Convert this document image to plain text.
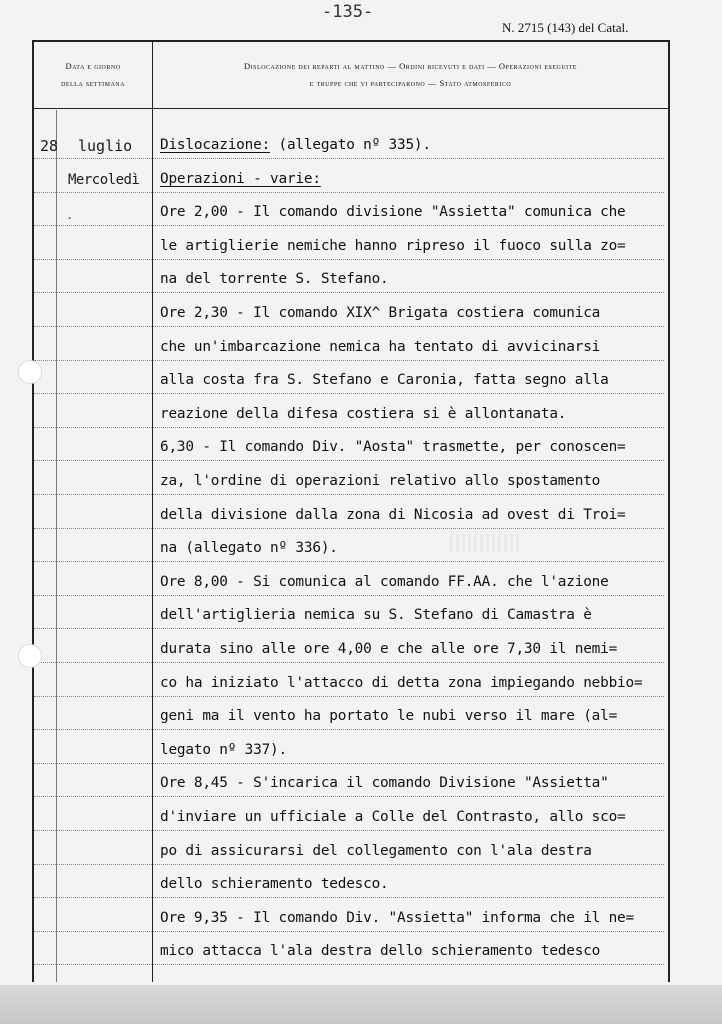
-135-
N. 2715 (143) del Catal.
Data e giorno
della settimana
Dislocazione dei reparti al mattino — Ordini ricevuti e dati — Operazioni eseguite
e truppe che vi parteciparono — Stato atmosferico
28 luglio
Mercoledì
.
Dislocazione: (allegato nº 335).
Operazioni - varie:
Ore 2,00 - Il comando divisione "Assietta" comunica che
le artiglierie nemiche hanno ripreso il fuoco sulla zo=
na del torrente S. Stefano.
Ore 2,30 - Il comando XIX^ Brigata costiera comunica
che un'imbarcazione nemica ha tentato di avvicinarsi
alla costa fra S. Stefano e Caronia, fatta segno alla
reazione della difesa costiera si è allontanata.
6,30 - Il comando Div. "Aosta" trasmette, per conoscen=
za, l'ordine di operazioni relativo allo spostamento
della divisione dalla zona di Nicosia ad ovest di Troi=
na (allegato nº 336).
Ore 8,00 - Si comunica al comando FF.AA. che l'azione
dell'artiglieria nemica su S. Stefano di Camastra è
durata sino alle ore 4,00 e che alle ore 7,30 il nemi=
co ha iniziato l'attacco di detta zona impiegando nebbio=
geni ma il vento ha portato le nubi verso il mare (al=
legato nº 337).
Ore 8,45 - S'incarica il comando Divisione "Assietta"
d'inviare un ufficiale a Colle del Contrasto, allo sco=
po di assicurarsi del collegamento con l'ala destra
dello schieramento tedesco.
Ore 9,35 - Il comando Div. "Assietta" informa che il ne=
mico attacca l'ala destra dello schieramento tedesco
